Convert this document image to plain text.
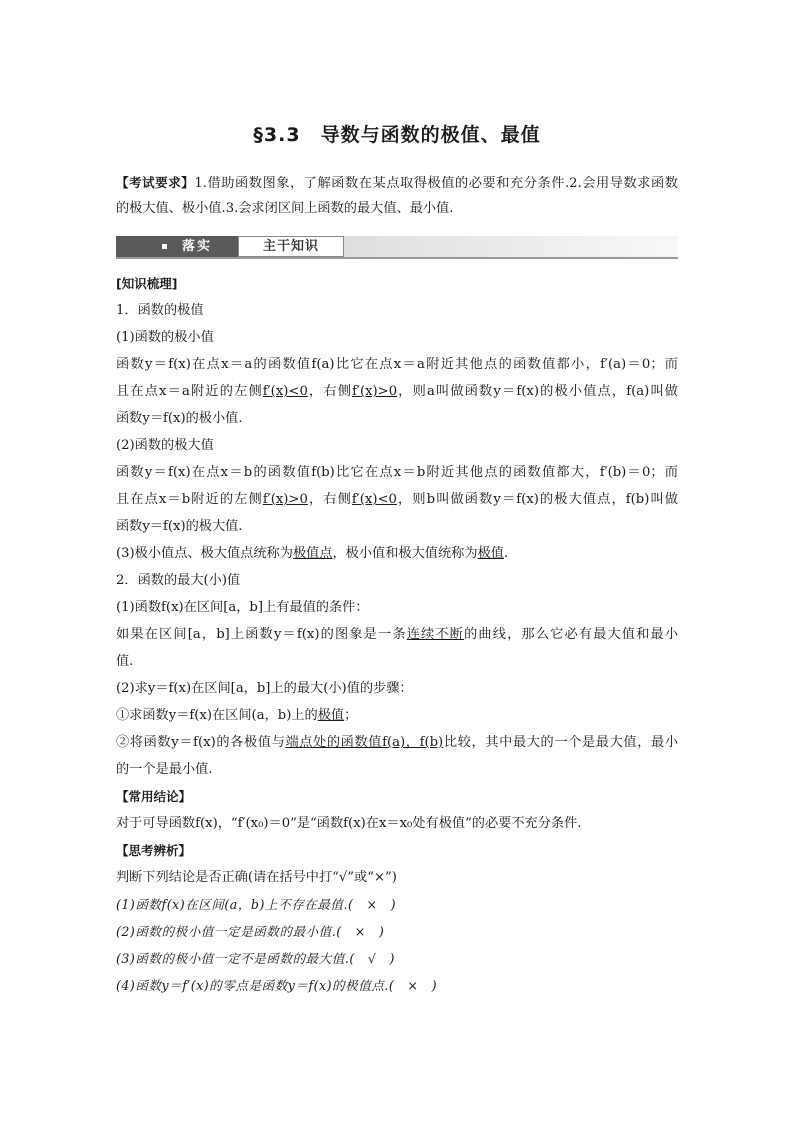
§3.3　导数与函数的极值、最值
【考试要求】1.借助函数图象，了解函数在某点取得极值的必要和充分条件.2.会用导数求函数
的极大值、极小值.3.会求闭区间上函数的最大值、最小值.
落实	主干知识
[知识梳理]
1．函数的极值
(1)函数的极小值
函数y＝f(x)在点x＝a的函数值f(a)比它在点x＝a附近其他点的函数值都小，f′(a)＝0；而
且在点x＝a附近的左侧f′(x)<0，右侧f′(x)>0，则a叫做函数y＝f(x)的极小值点，f(a)叫做
函数y＝f(x)的极小值.
(2)函数的极大值
函数y＝f(x)在点x＝b的函数值f(b)比它在点x＝b附近其他点的函数值都大，f′(b)＝0；而
且在点x＝b附近的左侧f′(x)>0，右侧f′(x)<0，则b叫做函数y＝f(x)的极大值点，f(b)叫做
函数y＝f(x)的极大值.
(3)极小值点、极大值点统称为极值点，极小值和极大值统称为极值.
2．函数的最大(小)值
(1)函数f(x)在区间[a，b]上有最值的条件：
如果在区间[a，b]上函数y＝f(x)的图象是一条连续不断的曲线，那么它必有最大值和最小
值.
(2)求y＝f(x)在区间[a，b]上的最大(小)值的步骤：
①求函数y＝f(x)在区间(a，b)上的极值；
②将函数y＝f(x)的各极值与端点处的函数值f(a)，f(b)比较，其中最大的一个是最大值，最小
的一个是最小值.
【常用结论】
对于可导函数f(x)，“f′(x₀)＝0”是“函数f(x)在x＝x₀处有极值”的必要不充分条件.
【思考辨析】
判断下列结论是否正确(请在括号中打“√”或“×”)
(1)函数f(x)在区间(a，b)上不存在最值.(　×　)
(2)函数的极小值一定是函数的最小值.(　×　)
(3)函数的极小值一定不是函数的最大值.(　√　)
(4)函数y＝f′(x)的零点是函数y＝f(x)的极值点.(　×　)
